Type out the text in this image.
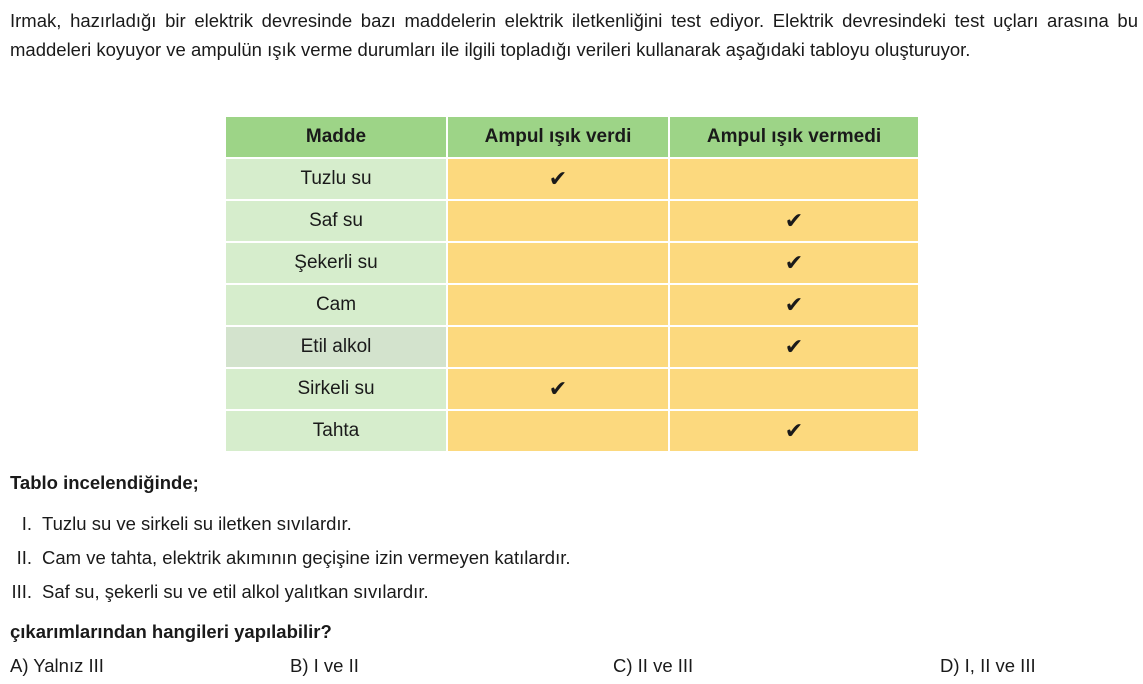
Irmak, hazırladığı bir elektrik devresinde bazı maddelerin elektrik iletkenliğini test ediyor. Elektrik devresindeki test uçları arasına bu maddeleri koyuyor ve ampulün ışık verme durumları ile ilgili topladığı verileri kullanarak aşağıdaki tabloyu oluşturuyor.

Madde	Ampul ışık verdi	Ampul ışık vermedi
Tuzlu su	✔	
Saf su		✔
Şekerli su		✔
Cam		✔
Etil alkol		✔
Sirkeli su	✔	
Tahta		✔

Tablo incelendiğinde;

I. Tuzlu su ve sirkeli su iletken sıvılardır.
II. Cam ve tahta, elektrik akımının geçişine izin vermeyen katılardır.
III. Saf su, şekerli su ve etil alkol yalıtkan sıvılardır.

çıkarımlarından hangileri yapılabilir?

A) Yalnız III	B) I ve II	C) II ve III	D) I, II ve III
